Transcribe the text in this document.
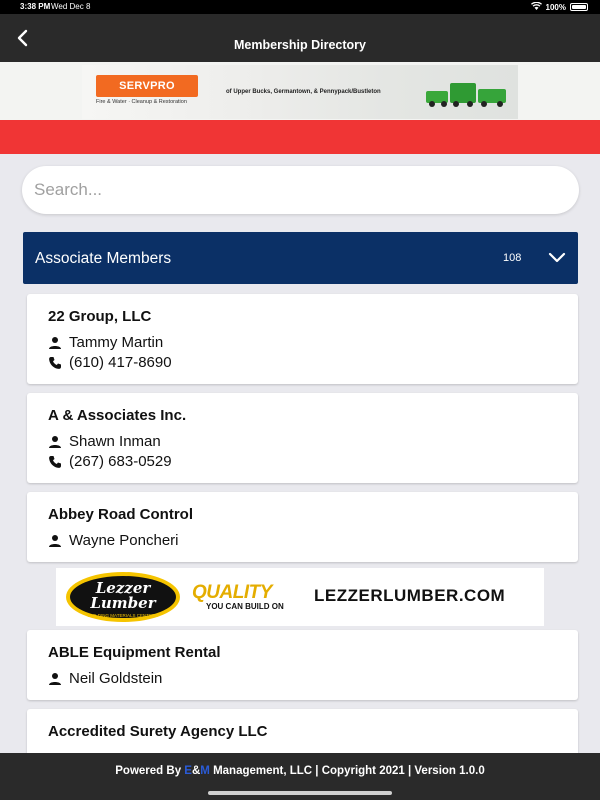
3:38 PM Wed Dec 8	100%
Membership Directory
SERVPRO
Fire & Water · Cleanup & Restoration
of Upper Bucks, Germantown, & Pennypack/Bustleton
Search...
Associate Members	108
22 Group, LLC
Tammy Martin
(610) 417-8690
A & Associates Inc.
Shawn Inman
(267) 683-0529
Abbey Road Control
Wayne Poncheri
Lezzer Lumber
BUILDING MATERIALS CENTERS
QUALITY
YOU CAN BUILD ON
LEZZERLUMBER.COM
ABLE Equipment Rental
Neil Goldstein
Accredited Surety Agency LLC
Powered By E&M Management, LLC | Copyright 2021 | Version 1.0.0
